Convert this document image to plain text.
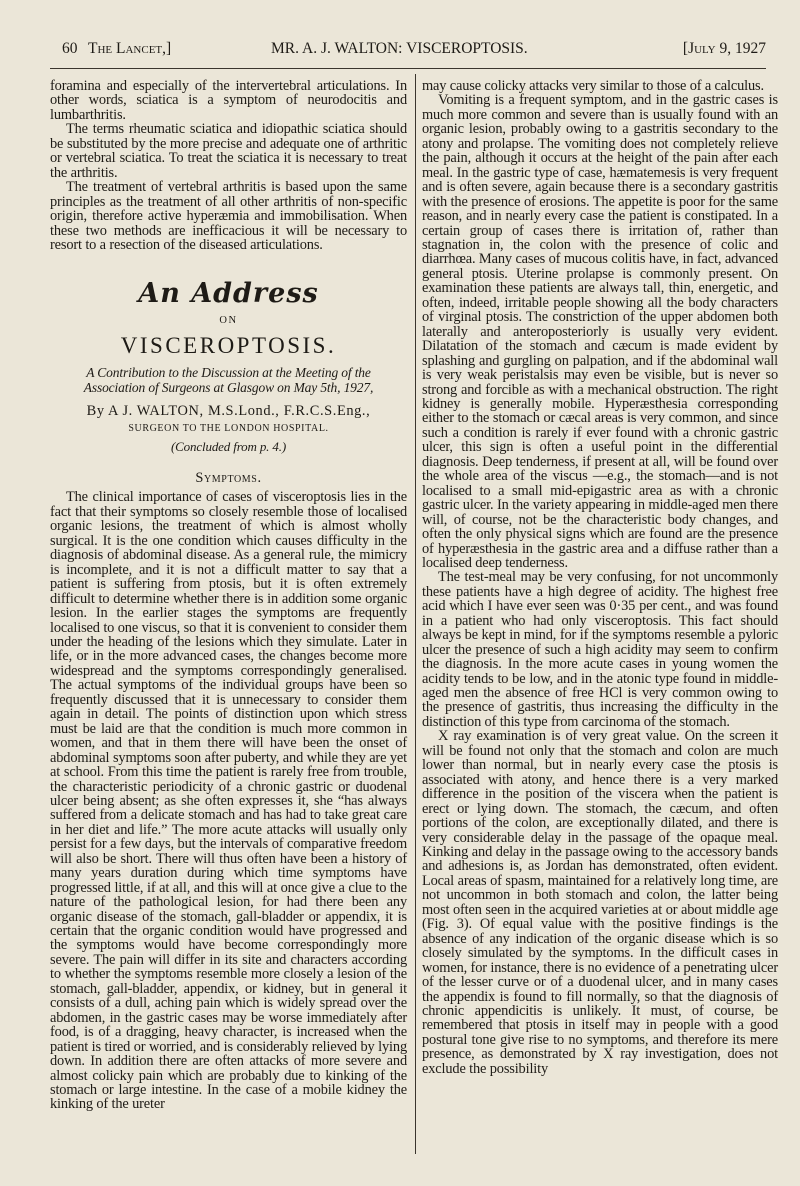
60 The Lancet,]	MR. A. J. WALTON: VISCEROPTOSIS.	[July 9, 1927

foramina and especially of the intervertebral articulations. In other words, sciatica is a symptom of neurodocitis and lumbarthritis.

The terms rheumatic sciatica and idiopathic sciatica should be substituted by the more precise and adequate one of arthritic or vertebral sciatica. To treat the sciatica it is necessary to treat the arthritis.

The treatment of vertebral arthritis is based upon the same principles as the treatment of all other arthritis of non-specific origin, therefore active hyperæmia and immobilisation. When these two methods are inefficacious it will be necessary to resort to a resection of the diseased articulations.

An Address
ON
VISCEROPTOSIS.
A Contribution to the Discussion at the Meeting of the Association of Surgeons at Glasgow on May 5th, 1927,
By A J. WALTON, M.S.Lond., F.R.C.S.Eng.,
SURGEON TO THE LONDON HOSPITAL.
(Concluded from p. 4.)
Symptoms.

The clinical importance of cases of visceroptosis lies in the fact that their symptoms so closely resemble those of localised organic lesions, the treatment of which is almost wholly surgical. It is the one condition which causes difficulty in the diagnosis of abdominal disease. As a general rule, the mimicry is incomplete, and it is not a difficult matter to say that a patient is suffering from ptosis, but it is often extremely difficult to determine whether there is in addition some organic lesion. In the earlier stages the symptoms are frequently localised to one viscus, so that it is convenient to consider them under the heading of the lesions which they simulate. Later in life, or in the more advanced cases, the changes become more widespread and the symptoms correspondingly generalised. The actual symptoms of the individual groups have been so frequently discussed that it is unnecessary to consider them again in detail. The points of distinction upon which stress must be laid are that the condition is much more common in women, and that in them there will have been the onset of abdominal symptoms soon after puberty, and while they are yet at school. From this time the patient is rarely free from trouble, the characteristic periodicity of a chronic gastric or duodenal ulcer being absent; as she often expresses it, she “has always suffered from a delicate stomach and has had to take great care in her diet and life.” The more acute attacks will usually only persist for a few days, but the intervals of comparative freedom will also be short. There will thus often have been a history of many years duration during which time symptoms have progressed little, if at all, and this will at once give a clue to the nature of the pathological lesion, for had there been any organic disease of the stomach, gall-bladder or appendix, it is certain that the organic condition would have progressed and the symptoms would have become correspondingly more severe. The pain will differ in its site and characters according to whether the symptoms resemble more closely a lesion of the stomach, gall-bladder, appendix, or kidney, but in general it consists of a dull, aching pain which is widely spread over the abdomen, in the gastric cases may be worse immediately after food, is of a dragging, heavy character, is increased when the patient is tired or worried, and is considerably relieved by lying down. In addition there are often attacks of more severe and almost colicky pain which are probably due to kinking of the stomach or large intestine. In the case of a mobile kidney the kinking of the ureter

may cause colicky attacks very similar to those of a calculus.

Vomiting is a frequent symptom, and in the gastric cases is much more common and severe than is usually found with an organic lesion, probably owing to a gastritis secondary to the atony and prolapse. The vomiting does not completely relieve the pain, although it occurs at the height of the pain after each meal. In the gastric type of case, hæmatemesis is very frequent and is often severe, again because there is a secondary gastritis with the presence of erosions. The appetite is poor for the same reason, and in nearly every case the patient is constipated. In a certain group of cases there is irritation of, rather than stagnation in, the colon with the presence of colic and diarrhœa. Many cases of mucous colitis have, in fact, advanced general ptosis. Uterine prolapse is commonly present. On examination these patients are always tall, thin, energetic, and often, indeed, irritable people showing all the body characters of virginal ptosis. The constriction of the upper abdomen both laterally and anteroposteriorly is usually very evident. Dilatation of the stomach and cæcum is made evident by splashing and gurgling on palpation, and if the abdominal wall is very weak peristalsis may even be visible, but is never so strong and forcible as with a mechanical obstruction. The right kidney is generally mobile. Hyperæsthesia corresponding either to the stomach or cæcal areas is very common, and since such a condition is rarely if ever found with a chronic gastric ulcer, this sign is often a useful point in the differential diagnosis. Deep tenderness, if present at all, will be found over the whole area of the viscus —e.g., the stomach—and is not localised to a small mid-epigastric area as with a chronic gastric ulcer. In the variety appearing in middle-aged men there will, of course, not be the characteristic body changes, and often the only physical signs which are found are the presence of hyperæsthesia in the gastric area and a diffuse rather than a localised deep tenderness.

The test-meal may be very confusing, for not uncommonly these patients have a high degree of acidity. The highest free acid which I have ever seen was 0·35 per cent., and was found in a patient who had only visceroptosis. This fact should always be kept in mind, for if the symptoms resemble a pyloric ulcer the presence of such a high acidity may seem to confirm the diagnosis. In the more acute cases in young women the acidity tends to be low, and in the atonic type found in middle-aged men the absence of free HCl is very common owing to the presence of gastritis, thus increasing the difficulty in the distinction of this type from carcinoma of the stomach.

X ray examination is of very great value. On the screen it will be found not only that the stomach and colon are much lower than normal, but in nearly every case the ptosis is associated with atony, and hence there is a very marked difference in the position of the viscera when the patient is erect or lying down. The stomach, the cæcum, and often portions of the colon, are exceptionally dilated, and there is very considerable delay in the passage of the opaque meal. Kinking and delay in the passage owing to the accessory bands and adhesions is, as Jordan has demonstrated, often evident. Local areas of spasm, maintained for a relatively long time, are not uncommon in both stomach and colon, the latter being most often seen in the acquired varieties at or about middle age (Fig. 3). Of equal value with the positive findings is the absence of any indication of the organic disease which is so closely simulated by the symptoms. In the difficult cases in women, for instance, there is no evidence of a penetrating ulcer of the lesser curve or of a duodenal ulcer, and in many cases the appendix is found to fill normally, so that the diagnosis of chronic appendicitis is unlikely. It must, of course, be remembered that ptosis in itself may in people with a good postural tone give rise to no symptoms, and therefore its mere presence, as demonstrated by X ray investigation, does not exclude the possibility
